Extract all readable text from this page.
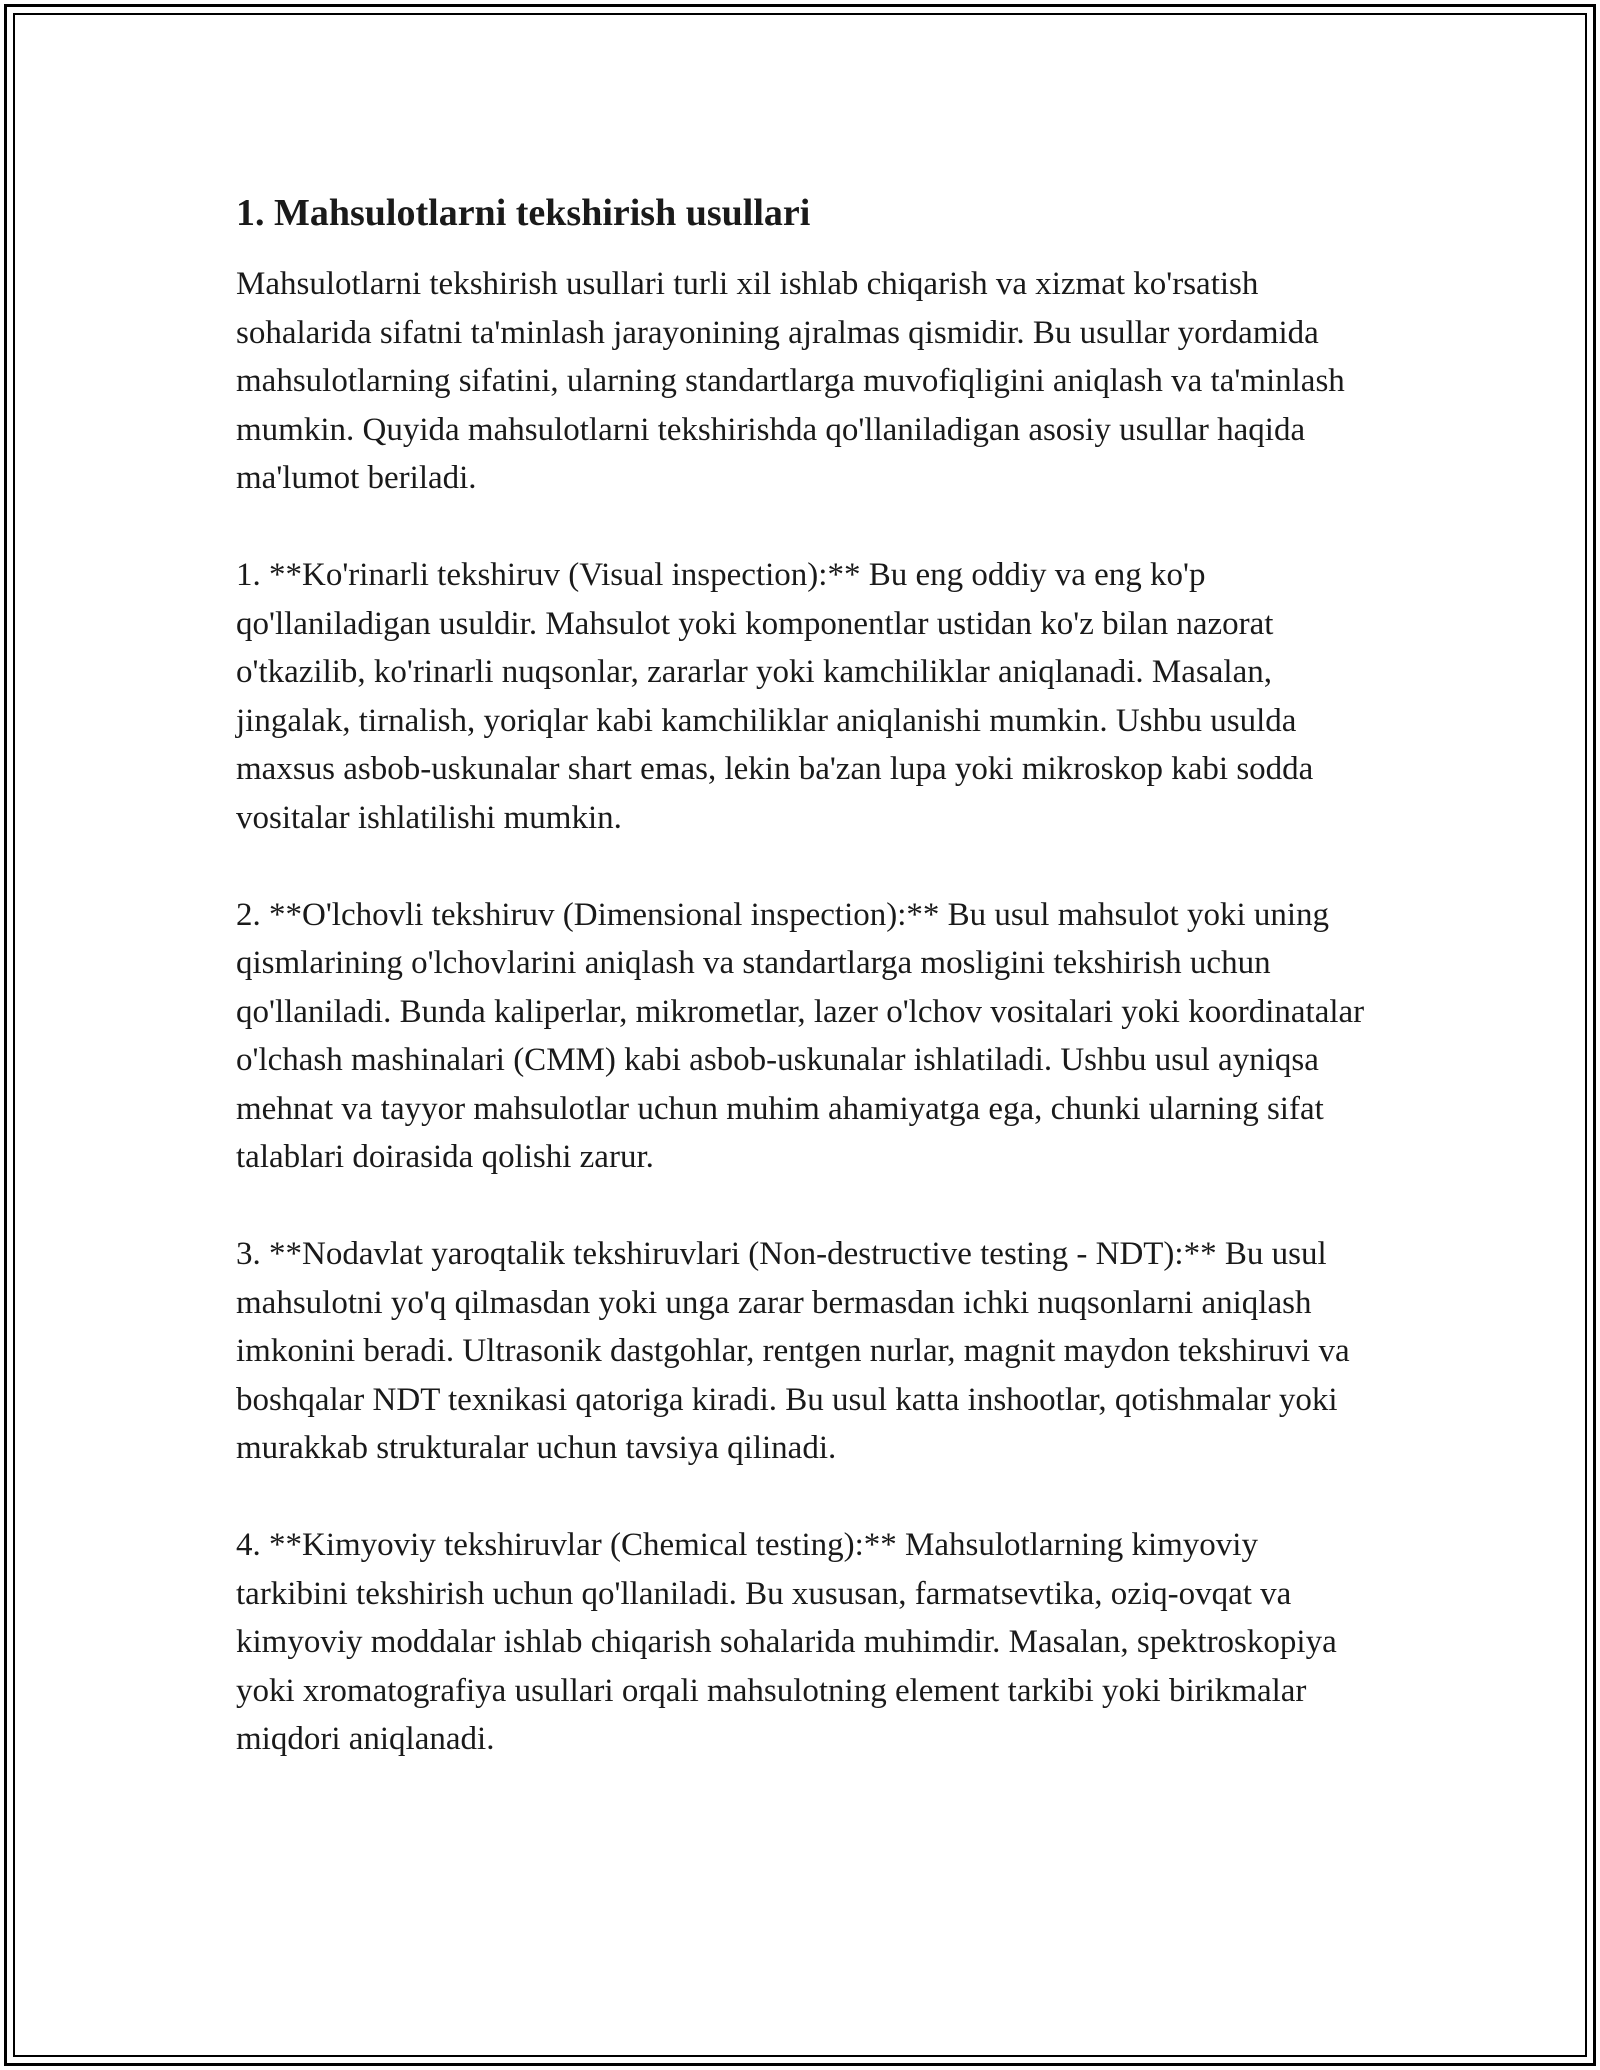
1. Mahsulotlarni tekshirish usullari

Mahsulotlarni tekshirish usullari turli xil ishlab chiqarish va xizmat ko'rsatish sohalarida sifatni ta'minlash jarayonining ajralmas qismidir. Bu usullar yordamida mahsulotlarning sifatini, ularning standartlarga muvofiqligini aniqlash va ta'minlash mumkin. Quyida mahsulotlarni tekshirishda qo'llaniladigan asosiy usullar haqida ma'lumot beriladi.

1. **Ko'rinarli tekshiruv (Visual inspection):** Bu eng oddiy va eng ko'p qo'llaniladigan usuldir. Mahsulot yoki komponentlar ustidan ko'z bilan nazorat o'tkazilib, ko'rinarli nuqsonlar, zararlar yoki kamchiliklar aniqlanadi. Masalan, jingalak, tirnalish, yoriqlar kabi kamchiliklar aniqlanishi mumkin. Ushbu usulda maxsus asbob-uskunalar shart emas, lekin ba'zan lupa yoki mikroskop kabi sodda vositalar ishlatilishi mumkin.

2. **O'lchovli tekshiruv (Dimensional inspection):** Bu usul mahsulot yoki uning qismlarining o'lchovlarini aniqlash va standartlarga mosligini tekshirish uchun qo'llaniladi. Bunda kaliperlar, mikrometlar, lazer o'lchov vositalari yoki koordinatalar o'lchash mashinalari (CMM) kabi asbob-uskunalar ishlatiladi. Ushbu usul ayniqsa mehnat va tayyor mahsulotlar uchun muhim ahamiyatga ega, chunki ularning sifat talablari doirasida qolishi zarur.

3. **Nodavlat yaroqtalik tekshiruvlari (Non-destructive testing - NDT):** Bu usul mahsulotni yo'q qilmasdan yoki unga zarar bermasdan ichki nuqsonlarni aniqlash imkonini beradi. Ultrasonik dastgohlar, rentgen nurlar, magnit maydon tekshiruvi va boshqalar NDT texnikasi qatoriga kiradi. Bu usul katta inshootlar, qotishmalar yoki murakkab strukturalar uchun tavsiya qilinadi.

4. **Kimyoviy tekshiruvlar (Chemical testing):** Mahsulotlarning kimyoviy tarkibini tekshirish uchun qo'llaniladi. Bu xususan, farmatsevtika, oziq-ovqat va kimyoviy moddalar ishlab chiqarish sohalarida muhimdir. Masalan, spektroskopiya yoki xromatografiya usullari orqali mahsulotning element tarkibi yoki birikmalar miqdori aniqlanadi.
